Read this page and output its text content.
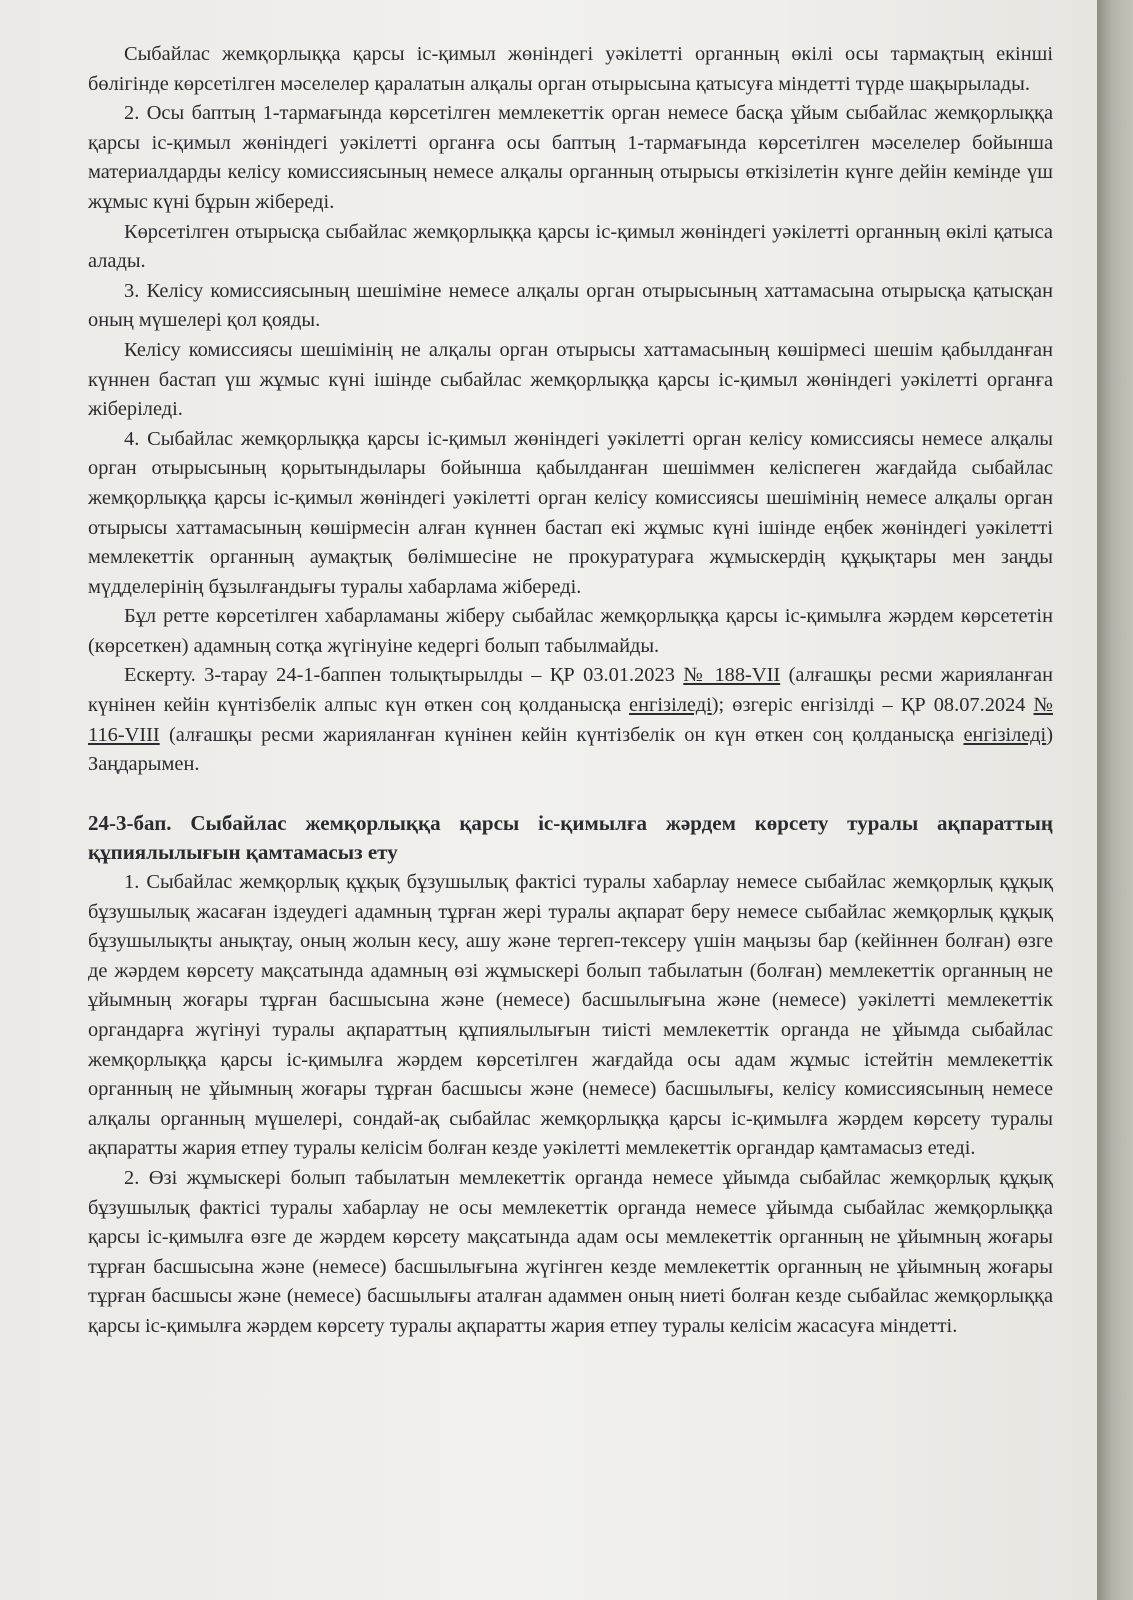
Сыбайлас жемқорлыққа қарсы іс-қимыл жөніндегі уәкілетті органның өкілі осы тармақтың екінші бөлігінде көрсетілген мәселелер қаралатын алқалы орган отырысына қатысуға міндетті түрде шақырылады.

2. Осы баптың 1-тармағында көрсетілген мемлекеттік орган немесе басқа ұйым сыбайлас жемқорлыққа қарсы іс-қимыл жөніндегі уәкілетті органға осы баптың 1-тармағында көрсетілген мәселелер бойынша материалдарды келісу комиссиясының немесе алқалы органның отырысы өткізілетін күнге дейін кемінде үш жұмыс күні бұрын жібереді.

Көрсетілген отырысқа сыбайлас жемқорлыққа қарсы іс-қимыл жөніндегі уәкілетті органның өкілі қатыса алады.

3. Келісу комиссиясының шешіміне немесе алқалы орган отырысының хаттамасына отырысқа қатысқан оның мүшелері қол қояды.

Келісу комиссиясы шешімінің не алқалы орган отырысы хаттамасының көшірмесі шешім қабылданған күннен бастап үш жұмыс күні ішінде сыбайлас жемқорлыққа қарсы іс-қимыл жөніндегі уәкілетті органға жіберіледі.

4. Сыбайлас жемқорлыққа қарсы іс-қимыл жөніндегі уәкілетті орган келісу комиссиясы немесе алқалы орган отырысының қорытындылары бойынша қабылданған шешіммен келіспеген жағдайда сыбайлас жемқорлыққа қарсы іс-қимыл жөніндегі уәкілетті орган келісу комиссиясы шешімінің немесе алқалы орган отырысы хаттамасының көшірмесін алған күннен бастап екі жұмыс күні ішінде еңбек жөніндегі уәкілетті мемлекеттік органның аумақтық бөлімшесіне не прокуратураға жұмыскердің құқықтары мен заңды мүдделерінің бұзылғандығы туралы хабарлама жібереді.

Бұл ретте көрсетілген хабарламаны жіберу сыбайлас жемқорлыққа қарсы іс-қимылға жәрдем көрсететін (көрсеткен) адамның сотқа жүгінуіне кедергі болып табылмайды.

Ескерту. 3-тарау 24-1-баппен толықтырылды – ҚР 03.01.2023 № 188-VII (алғашқы ресми жарияланған күнінен кейін күнтізбелік алпыс күн өткен соң қолданысқа енгізіледі); өзгеріс енгізілді – ҚР 08.07.2024 № 116-VIII (алғашқы ресми жарияланған күнінен кейін күнтізбелік он күн өткен соң қолданысқа енгізіледі) Заңдарымен.

24-3-бап. Сыбайлас жемқорлыққа қарсы іс-қимылға жәрдем көрсету туралы ақпараттың құпиялылығын қамтамасыз ету

1. Сыбайлас жемқорлық құқық бұзушылық фактісі туралы хабарлау немесе сыбайлас жемқорлық құқық бұзушылық жасаған іздеудегі адамның тұрған жері туралы ақпарат беру немесе сыбайлас жемқорлық құқық бұзушылықты анықтау, оның жолын кесу, ашу және тергеп-тексеру үшін маңызы бар (кейіннен болған) өзге де жәрдем көрсету мақсатында адамның өзі жұмыскері болып табылатын (болған) мемлекеттік органның не ұйымның жоғары тұрған басшысына және (немесе) басшылығына және (немесе) уәкілетті мемлекеттік органдарға жүгінуі туралы ақпараттың құпиялылығын тиісті мемлекеттік органда не ұйымда сыбайлас жемқорлыққа қарсы іс-қимылға жәрдем көрсетілген жағдайда осы адам жұмыс істейтін мемлекеттік органның не ұйымның жоғары тұрған басшысы және (немесе) басшылығы, келісу комиссиясының немесе алқалы органның мүшелері, сондай-ақ сыбайлас жемқорлыққа қарсы іс-қимылға жәрдем көрсету туралы ақпаратты жария етпеу туралы келісім болған кезде уәкілетті мемлекеттік органдар қамтамасыз етеді.

2. Өзі жұмыскері болып табылатын мемлекеттік органда немесе ұйымда сыбайлас жемқорлық құқық бұзушылық фактісі туралы хабарлау не осы мемлекеттік органда немесе ұйымда сыбайлас жемқорлыққа қарсы іс-қимылға өзге де жәрдем көрсету мақсатында адам осы мемлекеттік органның не ұйымның жоғары тұрған басшысына және (немесе) басшылығына жүгінген кезде мемлекеттік органның не ұйымның жоғары тұрған басшысы және (немесе) басшылығы аталған адаммен оның ниеті болған кезде сыбайлас жемқорлыққа қарсы іс-қимылға жәрдем көрсету туралы ақпаратты жария етпеу туралы келісім жасасуға міндетті.
